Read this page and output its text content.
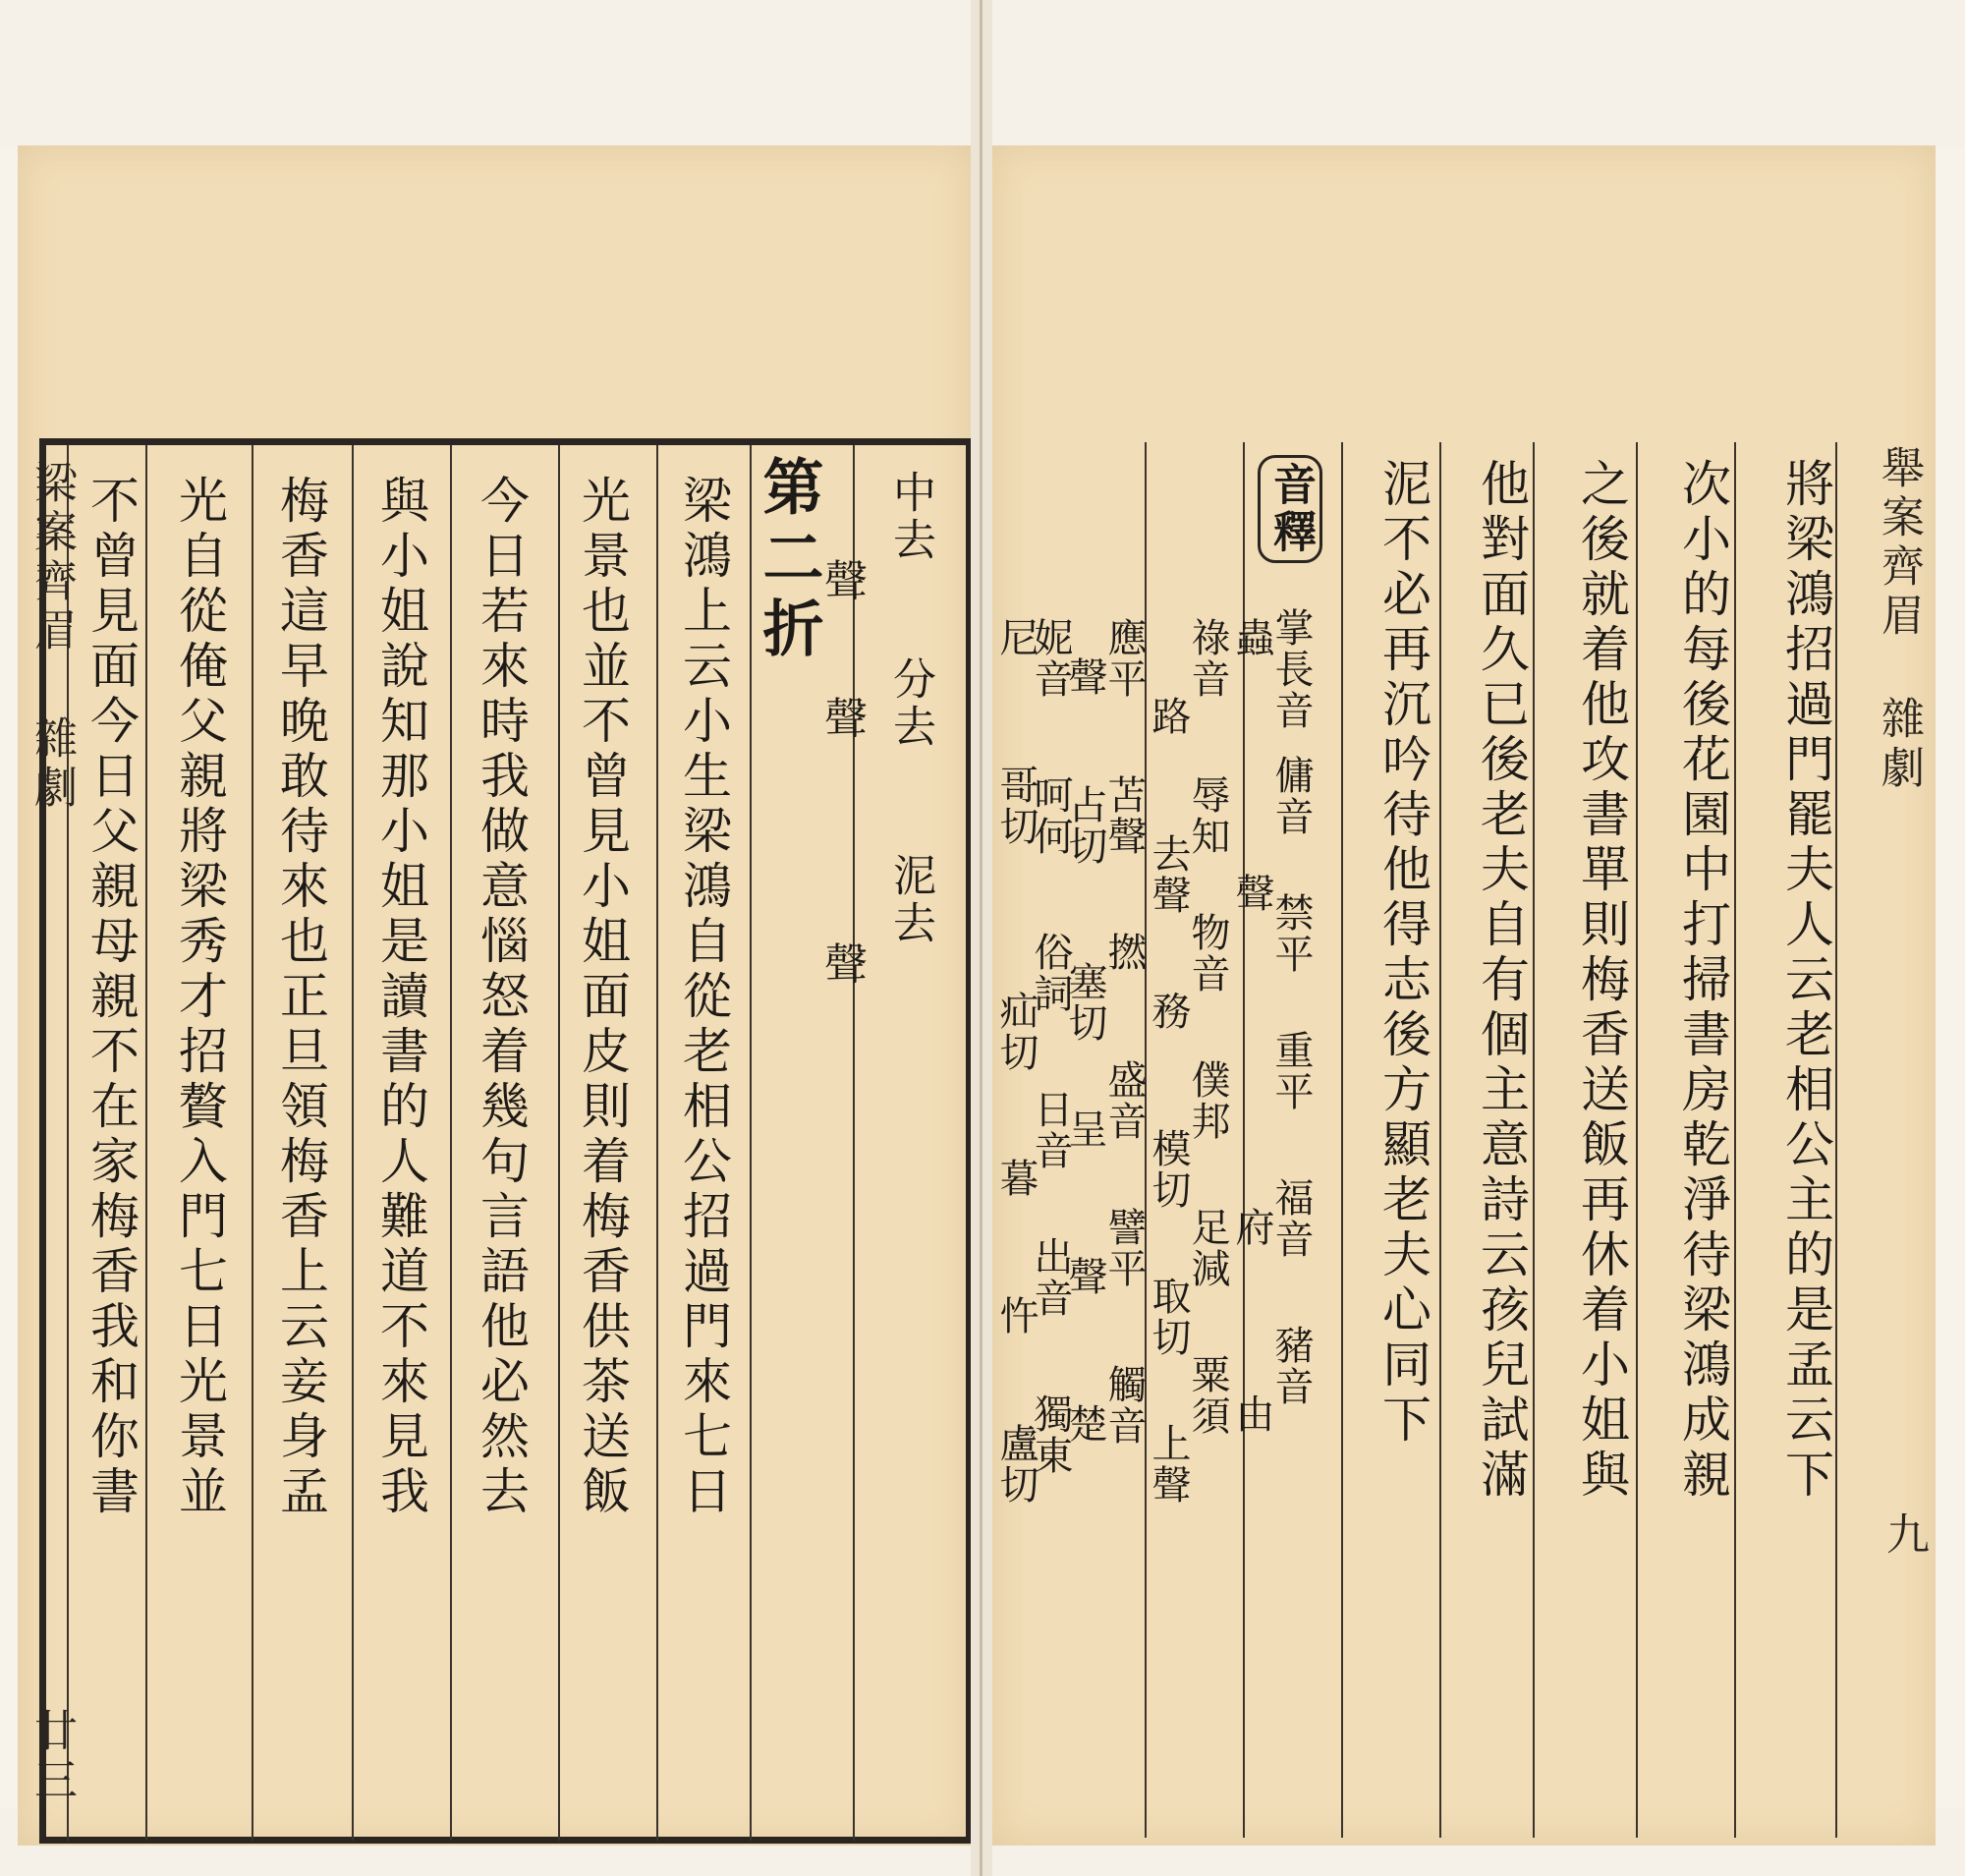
梁案齊眉
雜劇
廿三
中去
分去
泥去
聲
聲
聲
第二折
梁鴻上云小生梁鴻自從老相公招過門來七日
光景也並不曾見小姐面皮則着梅香供茶送飯
今日若來時我做意惱怒着幾句言語他必然去
與小姐說知那小姐是讀書的人難道不來見我
梅香這早晚敢待來也正旦領梅香上云妾身孟
光自從俺父親將梁秀才招贅入門七日光景並
不曾見面今日父親母親不在家梅香我和你書	舉案齊眉
雜劇
九
將梁鴻招過門罷夫人云老相公主的是孟云下
次小的每後花園中打掃書房乾淨待梁鴻成親
之後就着他攻書單則梅香送飯再休着小姐與
他對面久已後老夫自有個主意詩云孩兒試滿
泥不必再沉吟待他得志後方顯老夫心同下
音釋
掌長音
傭音
禁平
重平
福音
豬音
蟲
聲
府
由
祿音
辱知
物音
僕邦
足減
粟須
路
去聲
務
模切
取切
上聲
應平
苫聲
撚
盛音
譬平
觸音
聲
占切
塞切
呈
聲
楚
妮音
呵何
俗詞
日音
出音
獨東
尼
哥切
疝切
暮
忤
盧切
